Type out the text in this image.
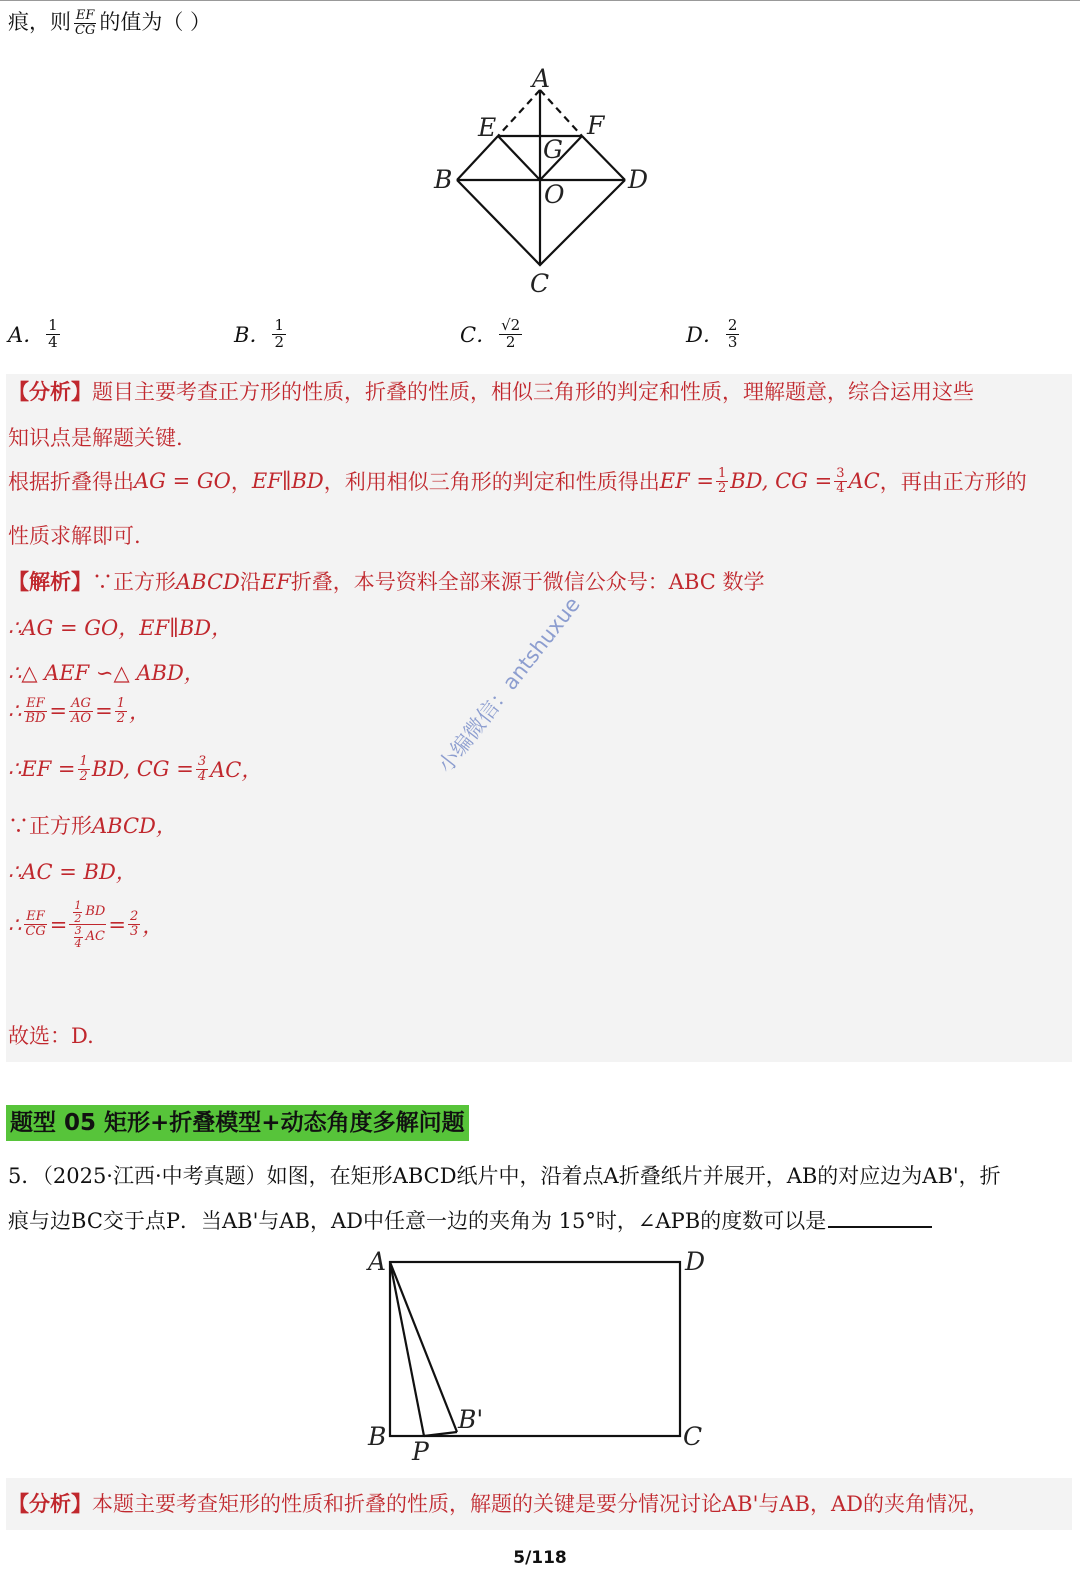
痕，则 $\frac{EF}{CG}$ 的值为（ ）
A
B
C
D
E	F
G
O
A． $\frac{1}{4}$	B． $\frac{1}{2}$	C． $\frac{√2}{2}$	D． $\frac{2}{3}$
【分析】题目主要考查正方形的性质，折叠的性质，相似三角形的判定和性质，理解题意，综合运用这些
知识点是解题关键.
根据折叠得出 AG = GO ， EF∥BD ，利用相似三角形的判定和性质得出 EF = $\frac{1}{2}$ BD, CG = $\frac{3}{4}$ AC ，再由正方形的
性质求解即可.
【解析】∵正方形ABCD沿EF折叠，本号资料全部来源于微信公众号：ABC 数学
∴AG = GO，EF∥BD，
∴△ AEF ∽△ ABD，
∴ $\frac{EF}{BD} = \frac{AG}{AO} = \frac{1}{2}$ ，
∴EF = $\frac{1}{2}$ BD, CG = $\frac{3}{4}$ AC，
∵正方形ABCD，
∴AC = BD，
∴ $\frac{EF}{CG} = \frac{\frac{1}{2} BD}{\frac{3}{4} AC} = \frac{2}{3}$ ，
故选：D.
小编微信：antshuxue
题型 05 矩形+折叠模型+动态角度多解问题
5．（2025·江西·中考真题）如图，在矩形ABCD纸片中，沿着点A折叠纸片并展开，AB的对应边为AB'，折
痕与边BC交于点P．当AB'与AB，AD中任意一边的夹角为 15°时，∠APB的度数可以是
A	D
B	C
P
B'
【分析】本题主要考查矩形的性质和折叠的性质，解题的关键是要分情况讨论AB'与AB，AD的夹角情况，
5/118
